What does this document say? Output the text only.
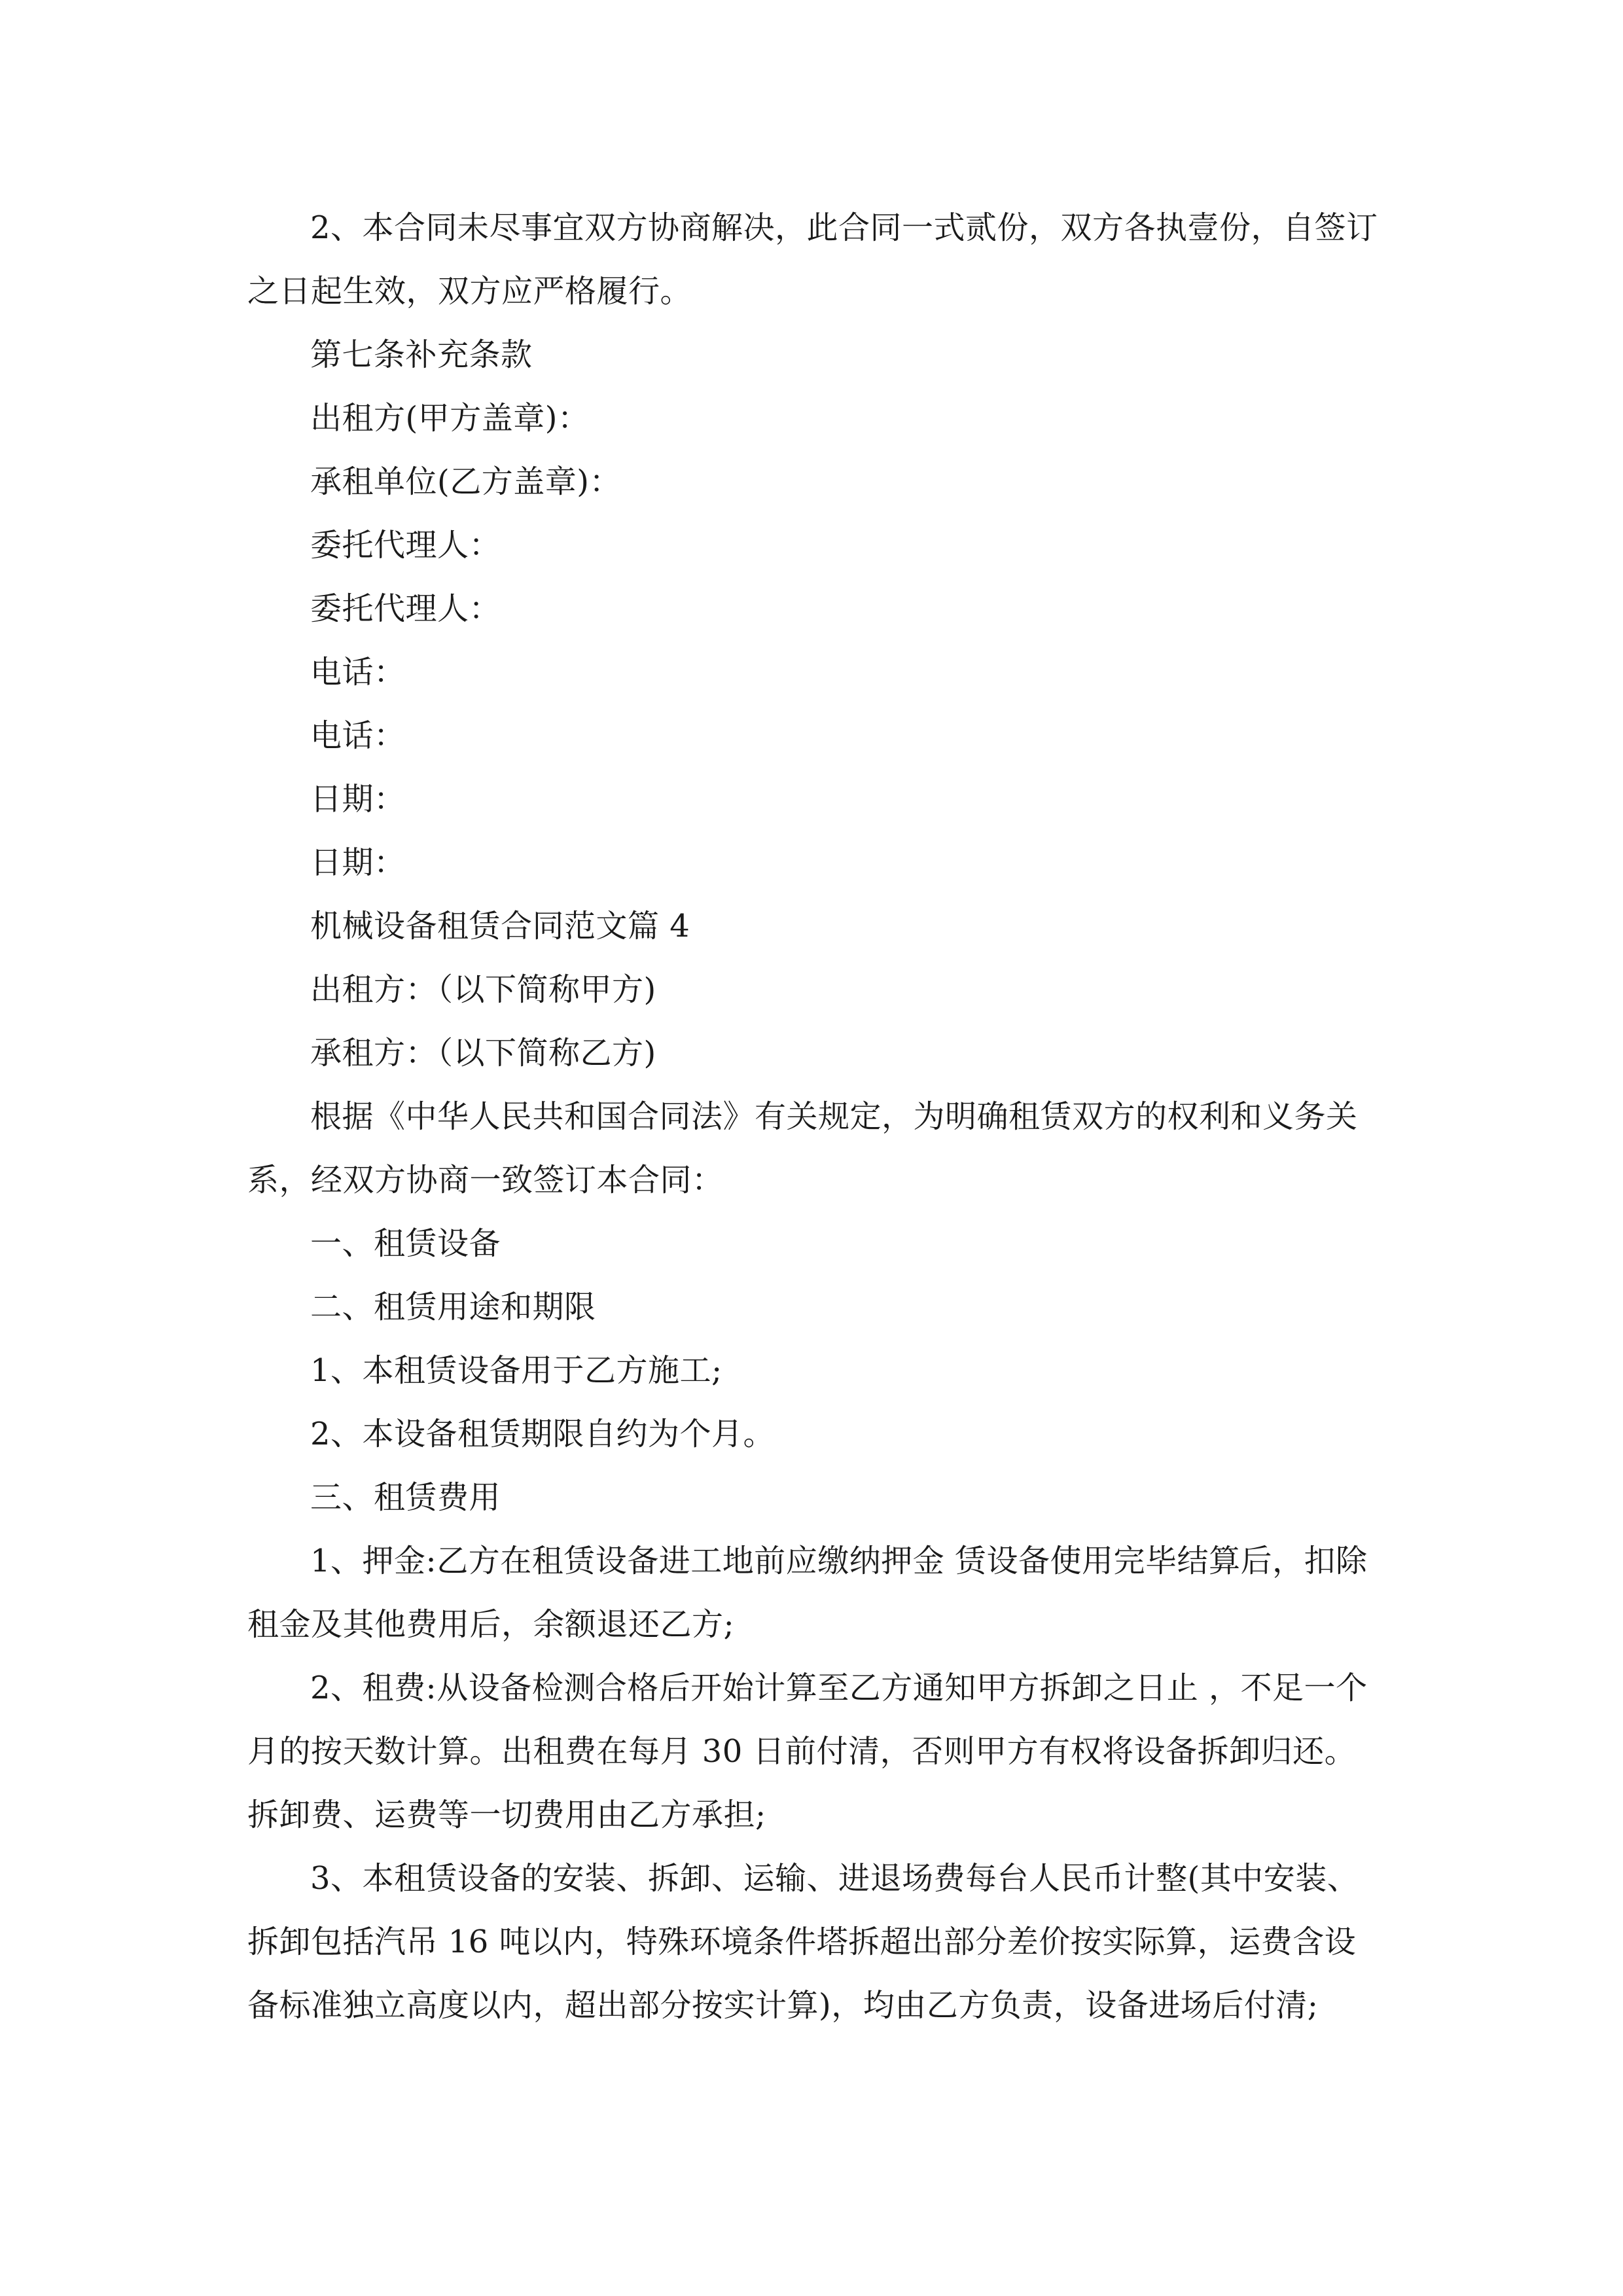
2、本合同未尽事宜双方协商解决，此合同一式贰份，双方各执壹份，自签订之日起生效，双方应严格履行。

第七条补充条款

出租方(甲方盖章)：

承租单位(乙方盖章)：

委托代理人：

委托代理人：

电话：

电话：

日期：

日期：

机械设备租赁合同范文篇 4

出租方：（以下简称甲方)

承租方：（以下简称乙方)

根据《中华人民共和国合同法》有关规定，为明确租赁双方的权利和义务关系，经双方协商一致签订本合同：

一、租赁设备

二、租赁用途和期限

1、本租赁设备用于乙方施工;

2、本设备租赁期限自约为个月。

三、租赁费用

1、押金:乙方在租赁设备进工地前应缴纳押金 赁设备使用完毕结算后，扣除租金及其他费用后，余额退还乙方;

2、租费:从设备检测合格后开始计算至乙方通知甲方拆卸之日止 ，不足一个月的按天数计算。出租费在每月 30 日前付清，否则甲方有权将设备拆卸归还。拆卸费、运费等一切费用由乙方承担;

3、本租赁设备的安装、拆卸、运输、进退场费每台人民币计整(其中安装、拆卸包括汽吊 16 吨以内，特殊环境条件塔拆超出部分差价按实际算，运费含设备标准独立高度以内，超出部分按实计算)，均由乙方负责，设备进场后付清;
